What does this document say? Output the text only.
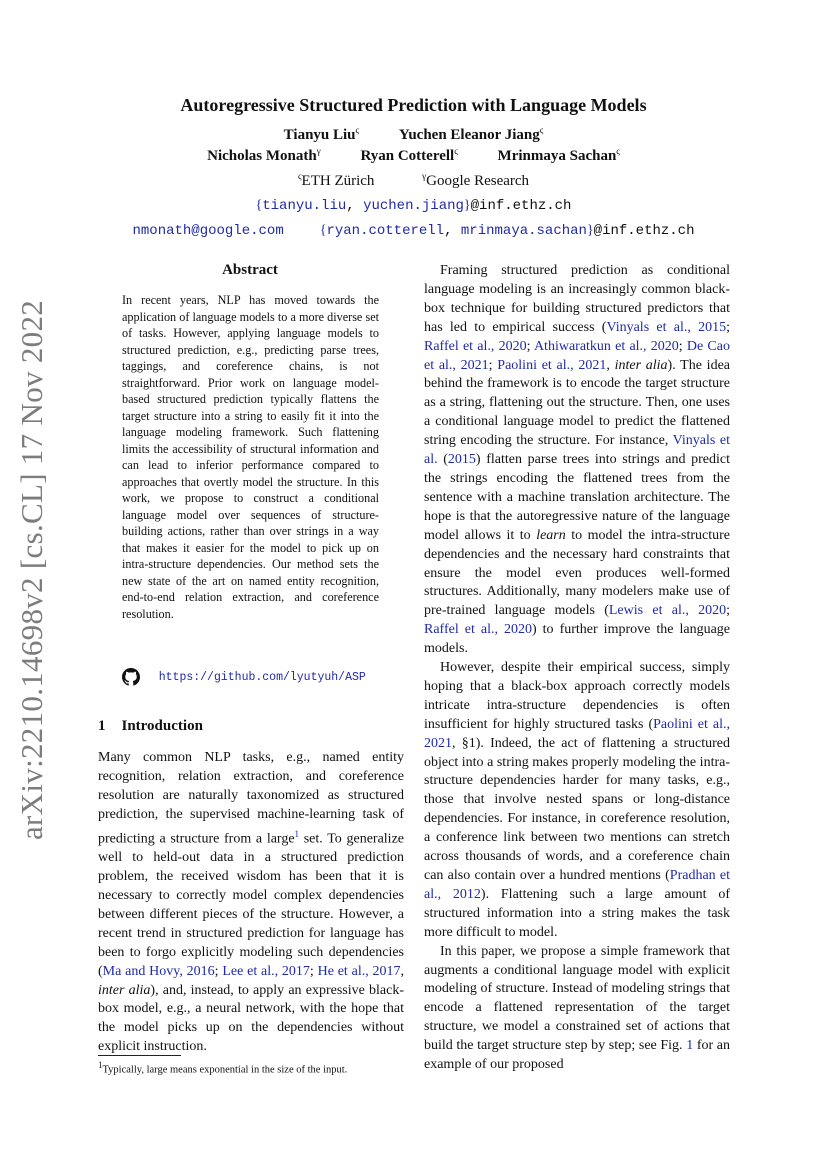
Autoregressive Structured Prediction with Language Models
Tianyu Liu$^\varsigma$	Yuchen Eleanor Jiang$^\varsigma$
Nicholas Monath$^\gamma$	Ryan Cotterell$^\varsigma$	Mrinmaya Sachan$^\varsigma$
$^\varsigma$ETH Zürich	$^\gamma$Google Research
{tianyu.liu, yuchen.jiang}@inf.ethz.ch
nmonath@google.com	{ryan.cotterell, mrinmaya.sachan}@inf.ethz.ch
arXiv:2210.14698v2 [cs.CL] 17 Nov 2022
Abstract

In recent years, NLP has moved towards the application of language models to a more diverse set of tasks. However, applying language models to structured prediction, e.g., predicting parse trees, taggings, and coreference chains, is not straightforward. Prior work on language model-based structured prediction typically flattens the target structure into a string to easily fit it into the language modeling framework. Such flattening limits the accessibility of structural information and can lead to inferior performance compared to approaches that overtly model the structure. In this work, we propose to construct a conditional language model over sequences of structure-building actions, rather than over strings in a way that makes it easier for the model to pick up on intra-structure dependencies. Our method sets the new state of the art on named entity recognition, end-to-end relation extraction, and coreference resolution.

https://github.com/lyutyuh/ASP
1 Introduction

Many common NLP tasks, e.g., named entity recognition, relation extraction, and coreference resolution are naturally taxonomized as structured prediction, the supervised machine-learning task of predicting a structure from a large$^1$ set. To generalize well to held-out data in a structured prediction problem, the received wisdom has been that it is necessary to correctly model complex dependencies between different pieces of the structure. However, a recent trend in structured prediction for language has been to forgo explicitly modeling such dependencies (Ma and Hovy, 2016; Lee et al., 2017; He et al., 2017, inter alia), and, instead, to apply an expressive black-box model, e.g., a neural network, with the hope that the model picks up on the dependencies without explicit instruction.

$^1$Typically, large means exponential in the size of the input.

Framing structured prediction as conditional language modeling is an increasingly common black-box technique for building structured predictors that has led to empirical success (Vinyals et al., 2015; Raffel et al., 2020; Athiwaratkun et al., 2020; De Cao et al., 2021; Paolini et al., 2021, inter alia). The idea behind the framework is to encode the target structure as a string, flattening out the structure. Then, one uses a conditional language model to predict the flattened string encoding the structure. For instance, Vinyals et al. (2015) flatten parse trees into strings and predict the strings encoding the flattened trees from the sentence with a machine translation architecture. The hope is that the autoregressive nature of the language model allows it to learn to model the intra-structure dependencies and the necessary hard constraints that ensure the model even produces well-formed structures. Additionally, many modelers make use of pre-trained language models (Lewis et al., 2020; Raffel et al., 2020) to further improve the language models.

However, despite their empirical success, simply hoping that a black-box approach correctly models intricate intra-structure dependencies is often insufficient for highly structured tasks (Paolini et al., 2021, §1). Indeed, the act of flattening a structured object into a string makes properly modeling the intra-structure dependencies harder for many tasks, e.g., those that involve nested spans or long-distance dependencies. For instance, in coreference resolution, a conference link between two mentions can stretch across thousands of words, and a coreference chain can also contain over a hundred mentions (Pradhan et al., 2012). Flattening such a large amount of structured information into a string makes the task more difficult to model.

In this paper, we propose a simple framework that augments a conditional language model with explicit modeling of structure. Instead of modeling strings that encode a flattened representation of the target structure, we model a constrained set of actions that build the target structure step by step; see Fig. 1 for an example of our proposed
